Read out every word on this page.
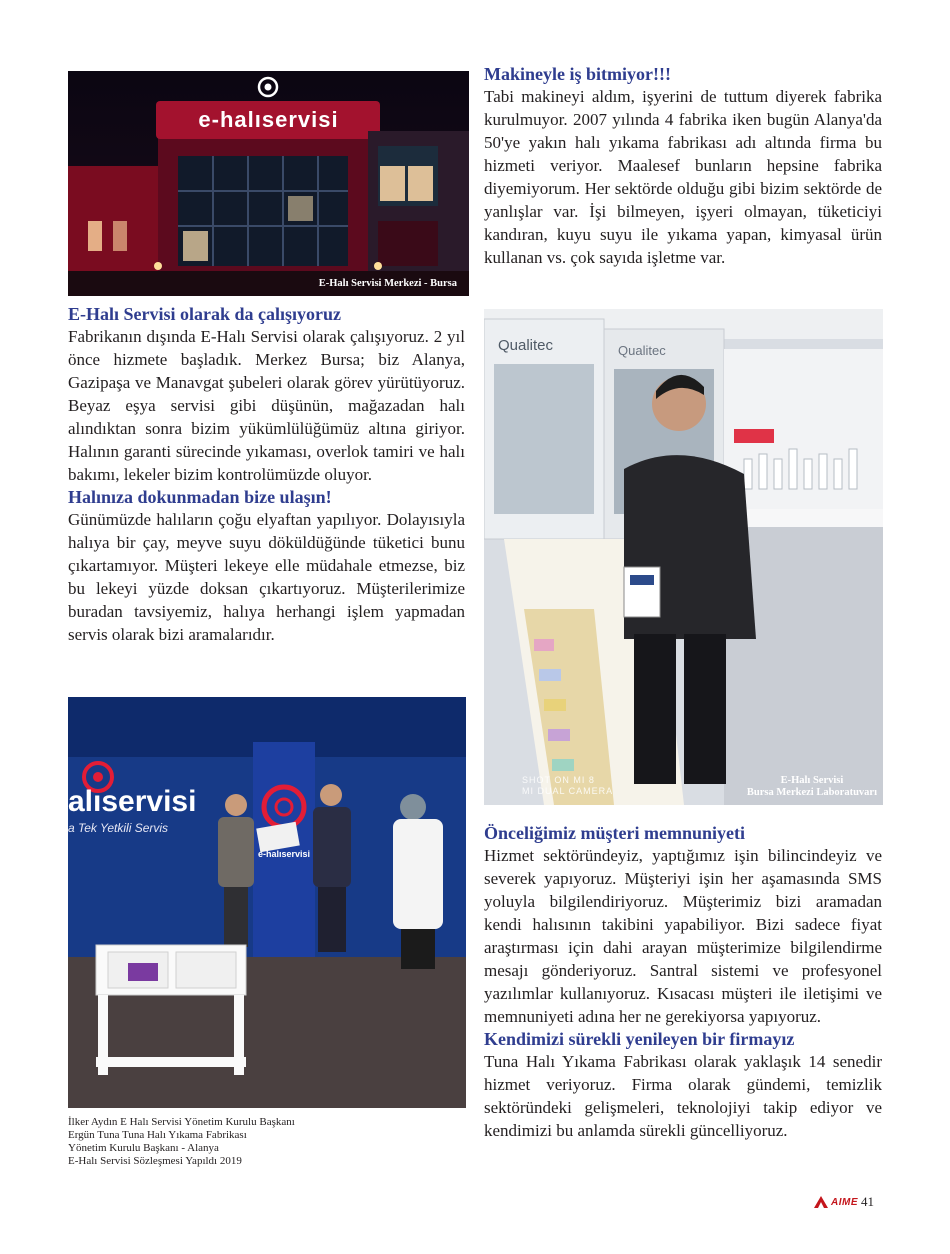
e-halıservisi
E-Halı Servisi Merkezi - Bursa
E-Halı Servisi olarak da çalışıyoruz

Fabrikanın dışında E-Halı Servisi olarak çalışıyoruz. 2 yıl önce hizmete başladık. Merkez Bursa; biz Alanya, Gazipaşa ve Manavgat şubeleri olarak görev yürütüyoruz. Beyaz eşya servisi gibi düşünün, mağazadan halı alındıktan sonra bizim yükümlülüğümüz altına giriyor. Halının garanti sürecinde yıkaması, overlok tamiri ve halı bakımı, lekeler bizim kontrolümüzde oluyor.

Halınıza dokunmadan bize ulaşın!

Günümüzde halıların çoğu elyaftan yapılıyor. Dolayısıyla halıya bir çay, meyve suyu döküldüğünde tüketici bunu çıkartamıyor. Müşteri lekeye elle müdahale etmezse, biz bu lekeyi yüzde doksan çıkartıyoruz. Müşterilerimize buradan tavsiyemiz, halıya herhangi işlem yapmadan servis olarak bizi aramalarıdır.

alıservisi
a Tek Yetkili Servis
e-halıservisi
İlker Aydın E Halı Servisi Yönetim Kurulu Başkanı
Ergün Tuna Tuna Halı Yıkama Fabrikası
Yönetim Kurulu Başkanı - Alanya
E-Halı Servisi Sözleşmesi Yapıldı 2019
Makineyle iş bitmiyor!!!

Tabi makineyi aldım, işyerini de tuttum diyerek fabrika kurulmuyor. 2007 yılında 4 fabrika iken bugün Alanya'da 50'ye yakın halı yıkama fabrikası adı altında firma bu hizmeti veriyor. Maalesef bunların hepsine fabrika diyemiyorum. Her sektörde olduğu gibi bizim sektörde de yanlışlar var. İşi bilmeyen, işyeri olmayan, tüketiciyi kandıran, kuyu suyu ile yıkama yapan, kimyasal ürün kullanan vs. çok sayıda işletme var.

Qualitec	Qualitec
SHOT ON MI 8
MI DUAL CAMERA
E-Halı Servisi
Bursa Merkezi Laboratuvarı
Önceliğimiz müşteri memnuniyeti

Hizmet sektöründeyiz, yaptığımız işin bilincindeyiz ve severek yapıyoruz. Müşteriyi işin her aşamasında SMS yoluyla bilgilendiriyoruz. Müşterimiz bizi aramadan kendi halısının takibini yapabiliyor. Bizi sadece fiyat araştırması için dahi arayan müşterimize bilgilendirme mesajı gönderiyoruz. Santral sistemi ve profesyonel yazılımlar kullanıyoruz. Kısacası müşteri ile iletişimi ve memnuniyeti adına her ne gerekiyorsa yapıyoruz.

Kendimizi sürekli yenileyen bir firmayız

Tuna Halı Yıkama Fabrikası olarak yaklaşık 14 senedir hizmet veriyoruz. Firma olarak gündemi, temizlik sektöründeki gelişmeleri, teknolojiyi takip ediyor ve kendimizi bu anlamda sürekli güncelliyoruz.

AIME 41
